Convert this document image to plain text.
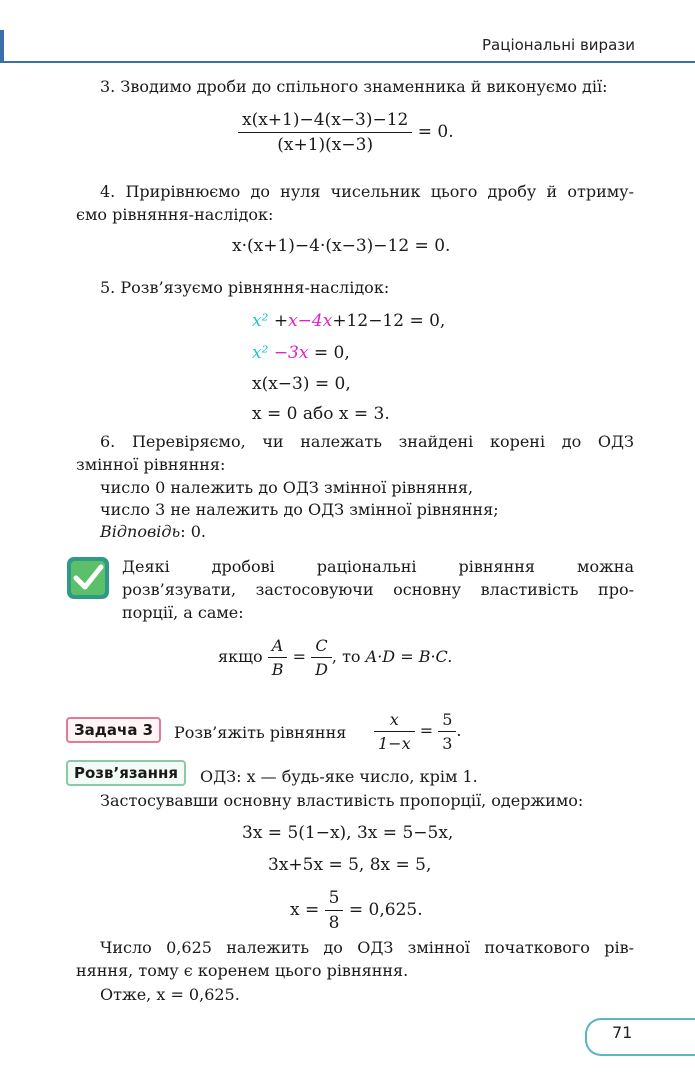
Раціональні вирази
3. Зводимо дроби до спільного знаменника й виконуємо дії:
$\frac{x(x+1)-4(x-3)-12}{(x+1)(x-3)} = 0$.
4. Прирівнюємо до нуля чисельник цього дробу й отриму-
ємо рівняння-наслідок:
x·(x+1)−4·(x−3)−12 = 0.
5. Розв’язуємо рівняння-наслідок:
x² +x−4x+12−12 = 0,
x² −3x = 0,
x(x−3) = 0,
x = 0 або x = 3.
6. Перевіряємо, чи належать знайдені корені до ОДЗ
змінної рівняння:
число 0 належить до ОДЗ змінної рівняння,
число 3 не належить до ОДЗ змінної рівняння;
Відповідь: 0.
Деякі дробові раціональні рівняння можна
розв’язувати, застосовуючи основну властивість про-
порції, а саме:
якщо $\frac{A}{B} = \frac{C}{D}$ , то A·D = B·C.
Задача 3	Розв’яжіть рівняння $\frac{x}{1-x} = \frac{5}{3}$ .
Розв’язання	ОДЗ: x — будь-яке число, крім 1.
Застосувавши основну властивість пропорції, одержимо:
3x = 5(1−x), 3x = 5−5x,
3x+5x = 5, 8x = 5,
$x = \frac{5}{8} = 0,625$.
Число 0,625 належить до ОДЗ змінної початкового рів-
няння, тому є коренем цього рівняння.
Отже, x = 0,625.
71
